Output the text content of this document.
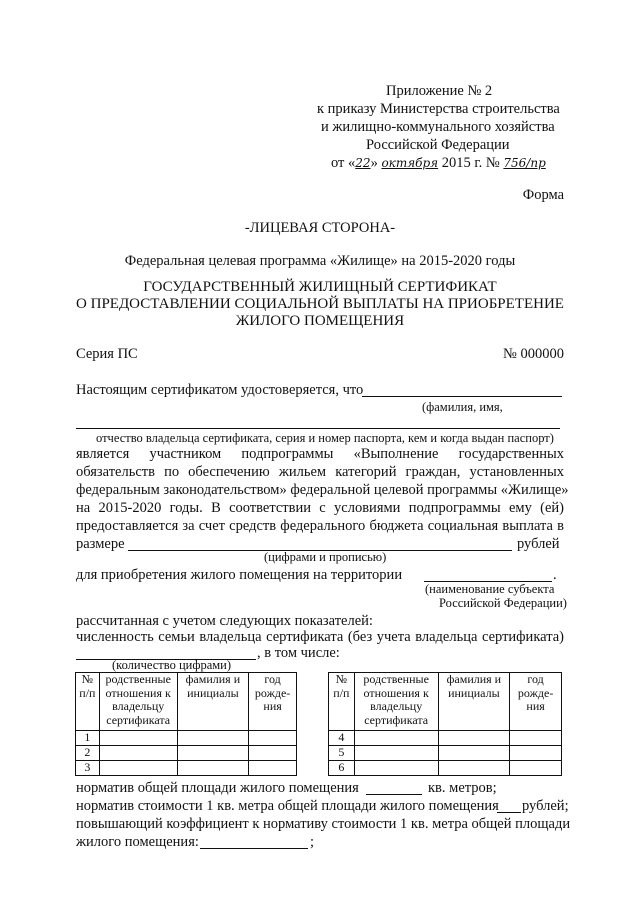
Приложение № 2
к приказу Министерства строительства
и жилищно-коммунального хозяйства
Российской Федерации
от «22» октября 2015 г. № 756/пр
Форма
-ЛИЦЕВАЯ СТОРОНА-
Федеральная целевая программа «Жилище» на 2015-2020 годы
ГОСУДАРСТВЕННЫЙ ЖИЛИЩНЫЙ СЕРТИФИКАТ
О ПРЕДОСТАВЛЕНИИ СОЦИАЛЬНОЙ ВЫПЛАТЫ НА ПРИОБРЕТЕНИЕ
ЖИЛОГО ПОМЕЩЕНИЯ
Серия ПС	№ 000000
Настоящим сертификатом удостоверяется, что
(фамилия, имя,
отчество владельца сертификата, серия и номер паспорта, кем и когда выдан паспорт)
является участником подпрограммы «Выполнение государственных
обязательств по обеспечению жильем категорий граждан, установленных
федеральным законодательством» федеральной целевой программы «Жилище»
на 2015-2020 годы. В соответствии с условиями подпрограммы ему (ей)
предоставляется за счет средств федерального бюджета социальная выплата в
размере	рублей
(цифрами и прописью)
для приобретения жилого помещения на территории	.
(наименование субъекта
Российской Федерации)
рассчитанная с учетом следующих показателей:
численность семьи владельца сертификата (без учета владельца сертификата)
, в том числе:
(количество цифрами)
№ п/п	родственные отношения к владельцу сертификата	фамилия и инициалы	год рожде-ния
1			
2			
3			
№ п/п	родственные отношения к владельцу сертификата	фамилия и инициалы	год рожде-ния
4			
5			
6			
норматив общей площади жилого помещения	кв. метров;
норматив стоимости 1 кв. метра общей площади жилого помещения рублей;
повышающий коэффициент к нормативу стоимости 1 кв. метра общей площади
жилого помещения:	;
